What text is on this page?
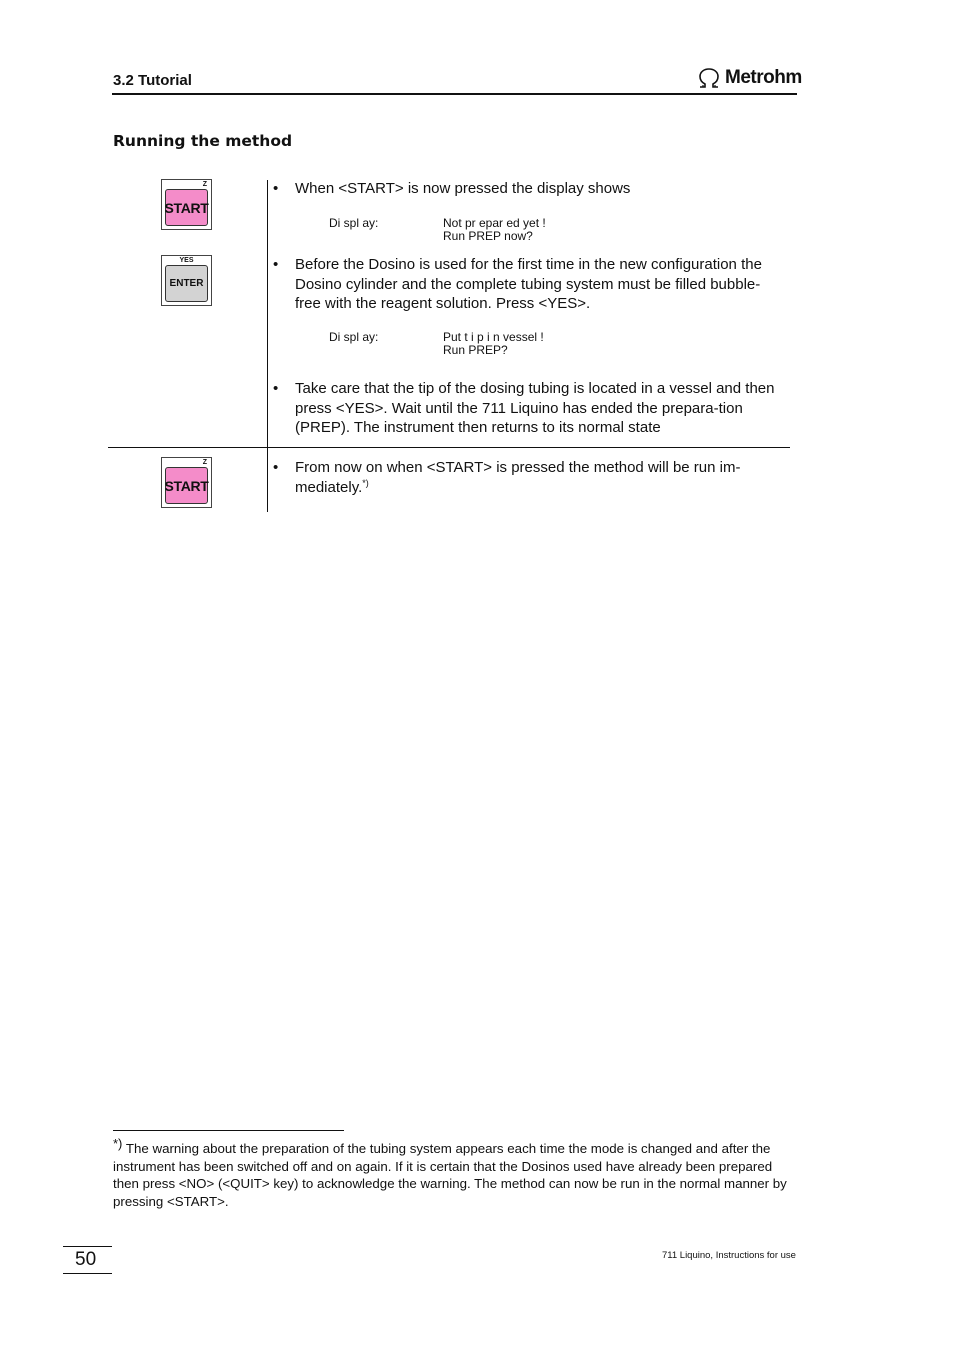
3.2 Tutorial	Metrohm
Running the method
Z
START
YES
ENTER
Z
START
•	When <START> is now pressed the display shows
Di spl ay:	Not pr epar ed yet !
Run PREP now?
•	Before the Dosino is used for the first time in the new configuration the Dosino cylinder and the complete tubing system must be filled bubble-free with the reagent solution. Press <YES>.
Di spl ay:	Put t i p i n vessel !
Run PREP?
•	Take care that the tip of the dosing tubing is located in a vessel and then press <YES>. Wait until the 711 Liquino has ended the prepara-tion (PREP). The instrument then returns to its normal state
•	From now on when <START> is pressed the method will be run im-mediately.*)
*) The warning about the preparation of the tubing system appears each time the mode is changed and after the instrument has been switched off and on again. If it is certain that the Dosinos used have already been prepared then press <NO> (<QUIT> key) to acknowledge the warning. The method can now be run in the normal manner by pressing <START>.
50	711 Liquino, Instructions for use
